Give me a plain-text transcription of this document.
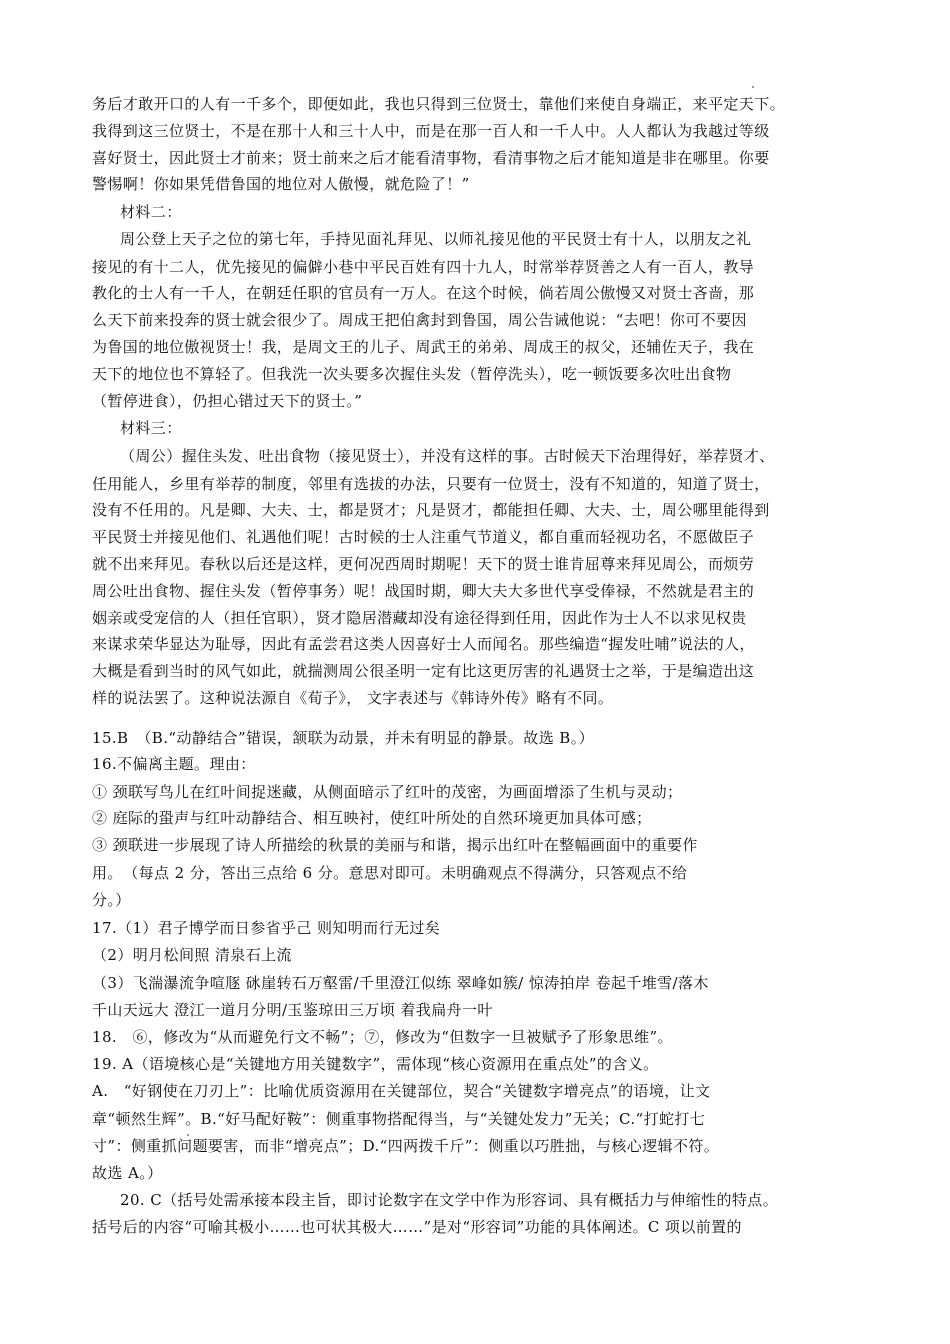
务后才敢开口的人有一千多个，即便如此，我也只得到三位贤士，靠他们来使自身端正，来平定天下。
我得到这三位贤士，不是在那十人和三十人中，而是在那一百人和一千人中。人人都认为我越过等级
喜好贤士，因此贤士才前来；贤士前来之后才能看清事物，看清事物之后才能知道是非在哪里。你要
警惕啊！你如果凭借鲁国的地位对人傲慢，就危险了！”
材料二：
周公登上天子之位的第七年，手持见面礼拜见、以师礼接见他的平民贤士有十人，以朋友之礼
接见的有十二人，优先接见的偏僻小巷中平民百姓有四十九人，时常举荐贤善之人有一百人，教导
教化的士人有一千人，在朝廷任职的官员有一万人。在这个时候，倘若周公傲慢又对贤士吝啬，那
么天下前来投奔的贤士就会很少了。周成王把伯禽封到鲁国，周公告诫他说：“去吧！你可不要因
为鲁国的地位傲视贤士！我，是周文王的儿子、周武王的弟弟、周成王的叔父，还辅佐天子，我在
天下的地位也不算轻了。但我洗一次头要多次握住头发（暂停洗头），吃一顿饭要多次吐出食物
（暂停进食），仍担心错过天下的贤士。”
材料三：
（周公）握住头发、吐出食物（接见贤士），并没有这样的事。古时候天下治理得好，举荐贤才、
任用能人，乡里有举荐的制度，邻里有选拔的办法，只要有一位贤士，没有不知道的，知道了贤士，
没有不任用的。凡是卿、大夫、士，都是贤才；凡是贤才，都能担任卿、大夫、士，周公哪里能得到
平民贤士并接见他们、礼遇他们呢！古时候的士人注重气节道义，都自重而轻视功名，不愿做臣子
就不出来拜见。春秋以后还是这样，更何况西周时期呢！天下的贤士谁肯屈尊来拜见周公，而烦劳
周公吐出食物、握住头发（暂停事务）呢！战国时期，卿大夫大多世代享受俸禄，不然就是君主的
姻亲或受宠信的人（担任官职），贤才隐居潜藏却没有途径得到任用，因此作为士人不以求见权贵
来谋求荣华显达为耻辱，因此有孟尝君这类人因喜好士人而闻名。那些编造“握发吐哺”说法的人，
大概是看到当时的风气如此，就揣测周公很圣明一定有比这更厉害的礼遇贤士之举，于是编造出这
样的说法罢了。这种说法源自《荀子》， 文字表述与《韩诗外传》略有不同。
15.B　（B.“动静结合”错误，颔联为动景，并未有明显的静景。故选 B。）
16.不偏离主题。理由：
① 颈联写鸟儿在红叶间捉迷藏，从侧面暗示了红叶的茂密，为画面增添了生机与灵动；
② 庭际的蛩声与红叶动静结合、相互映衬，使红叶所处的自然环境更加具体可感；
③ 颈联进一步展现了诗人所描绘的秋景的美丽与和谐，揭示出红叶在整幅画面中的重要作
用。　（每点 2 分，答出三点给 6 分。意思对即可。未明确观点不得满分，只答观点不给
分。）
17.（1）君子博学而日参省乎己 则知明而行无过矣
（2）明月松间照 清泉石上流
（3）飞湍瀑流争喧豗 砯崖转石万壑雷/千里澄江似练 翠峰如簇/ 惊涛拍岸 卷起千堆雪/落木
千山天远大 澄江一道月分明/玉鉴琼田三万顷 着我扁舟一叶
18.　⑥，修改为“从而避免行文不畅”；⑦，修改为“但数字一旦被赋予了形象思维”。
19. A（语境核心是“关键地方用关键数字”，需体现“核心资源用在重点处”的含义。
A.　“好钢使在刀刃上”：比喻优质资源用在关键部位，契合“关键数字增亮点”的语境，让文
章“顿然生辉”。B.“好马配好鞍”：侧重事物搭配得当，与“关键处发力”无关；C.“打蛇打七
寸”：侧重抓问题要害，而非“增亮点”；D.“四两拨千斤”：侧重以巧胜拙，与核心逻辑不符。
故选 A。）
20. C（括号处需承接本段主旨，即讨论数字在文学中作为形容词、具有概括力与伸缩性的特点。
括号后的内容“可喻其极小……也可状其极大……”是对“形容词”功能的具体阐述。C 项以前置的
